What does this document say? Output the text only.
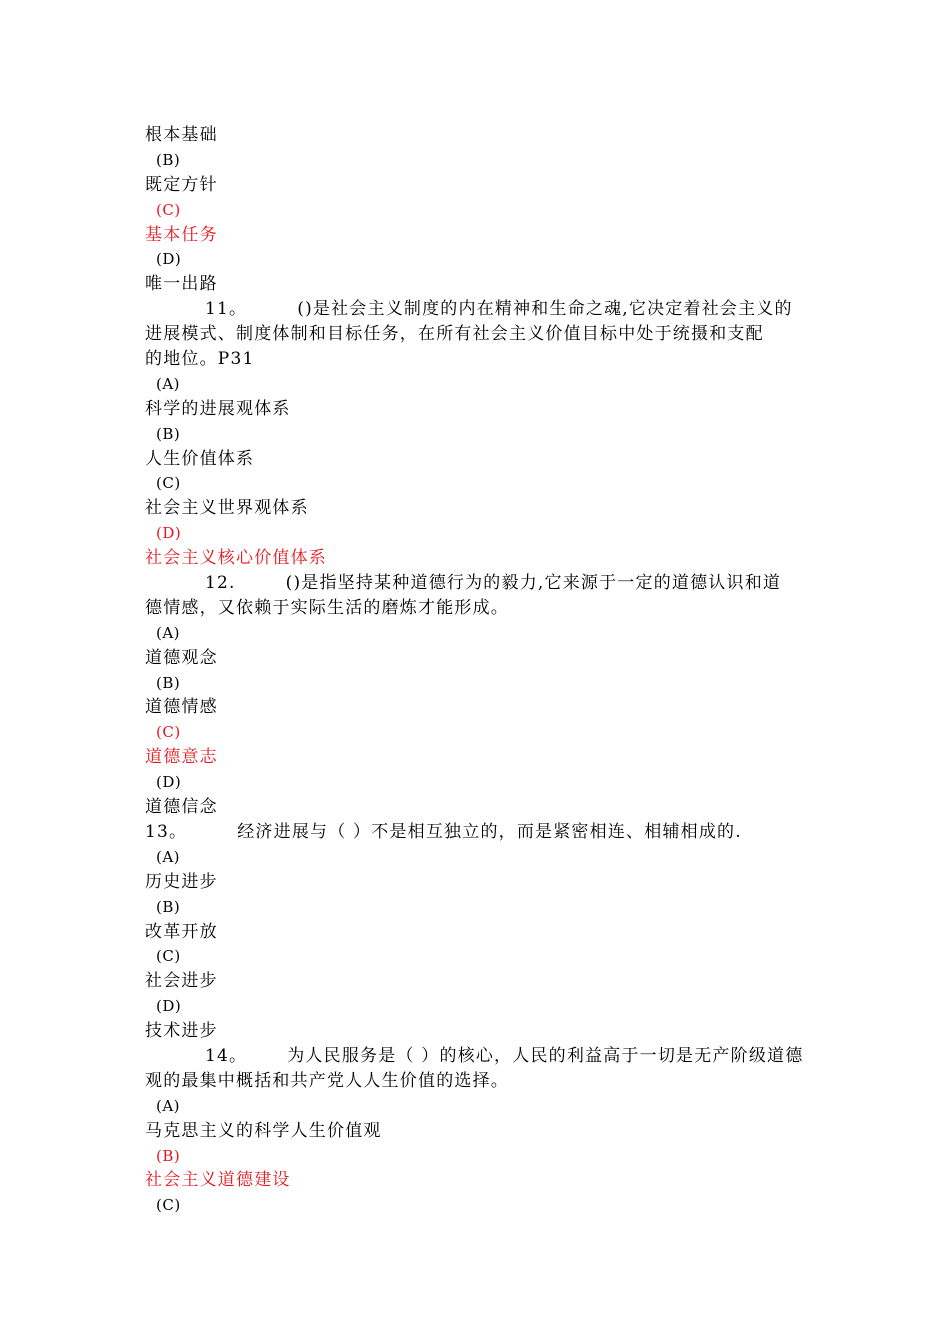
根本基础
(B)
既定方针
(C)
基本任务
(D)
唯一出路
11。	()是社会主义制度的内在精神和生命之魂,它决定着社会主义的
进展模式、制度体制和目标任务，在所有社会主义价值目标中处于统摄和支配
的地位。P31
(A)
科学的进展观体系
(B)
人生价值体系
(C)
社会主义世界观体系
(D)
社会主义核心价值体系
12.	()是指坚持某种道德行为的毅力,它来源于一定的道德认识和道
德情感，又依赖于实际生活的磨炼才能形成。
(A)
道德观念
(B)
道德情感
(C)
道德意志
(D)
道德信念
13。	经济进展与（ ）不是相互独立的，而是紧密相连、相辅相成的.
(A)
历史进步
(B)
改革开放
(C)
社会进步
(D)
技术进步
14。 为人民服务是（ ）的核心，人民的利益高于一切是无产阶级道德
观的最集中概括和共产党人人生价值的选择。
(A)
马克思主义的科学人生价值观
(B)
社会主义道德建设
(C)
